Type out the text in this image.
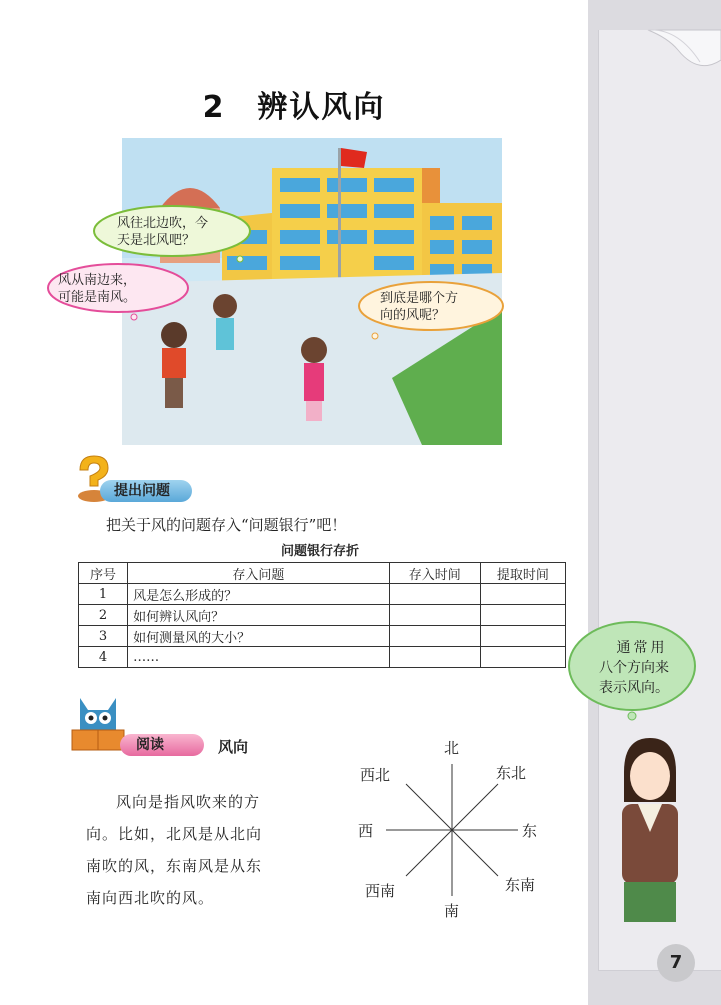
2　辨认风向
风往北边吹，今
天是北风吧？
风从南边来，
可能是南风。	到底是哪个方
向的风呢？
提出问题
把关于风的问题存入“问题银行”吧！
问题银行存折
序号	存入问题	存入时间	提取时间
1	风是怎么形成的？		
2	如何辨认风向？		
3	如何测量风的大小？		
4	……		
阅读	风向
风向是指风吹来的方
向。比如，北风是从北向
南吹的风，东南风是从东
南向西北吹的风。
北
东北
东
东南
南
西南
西
西北
通常用
八个方向来
表示风向。
7
